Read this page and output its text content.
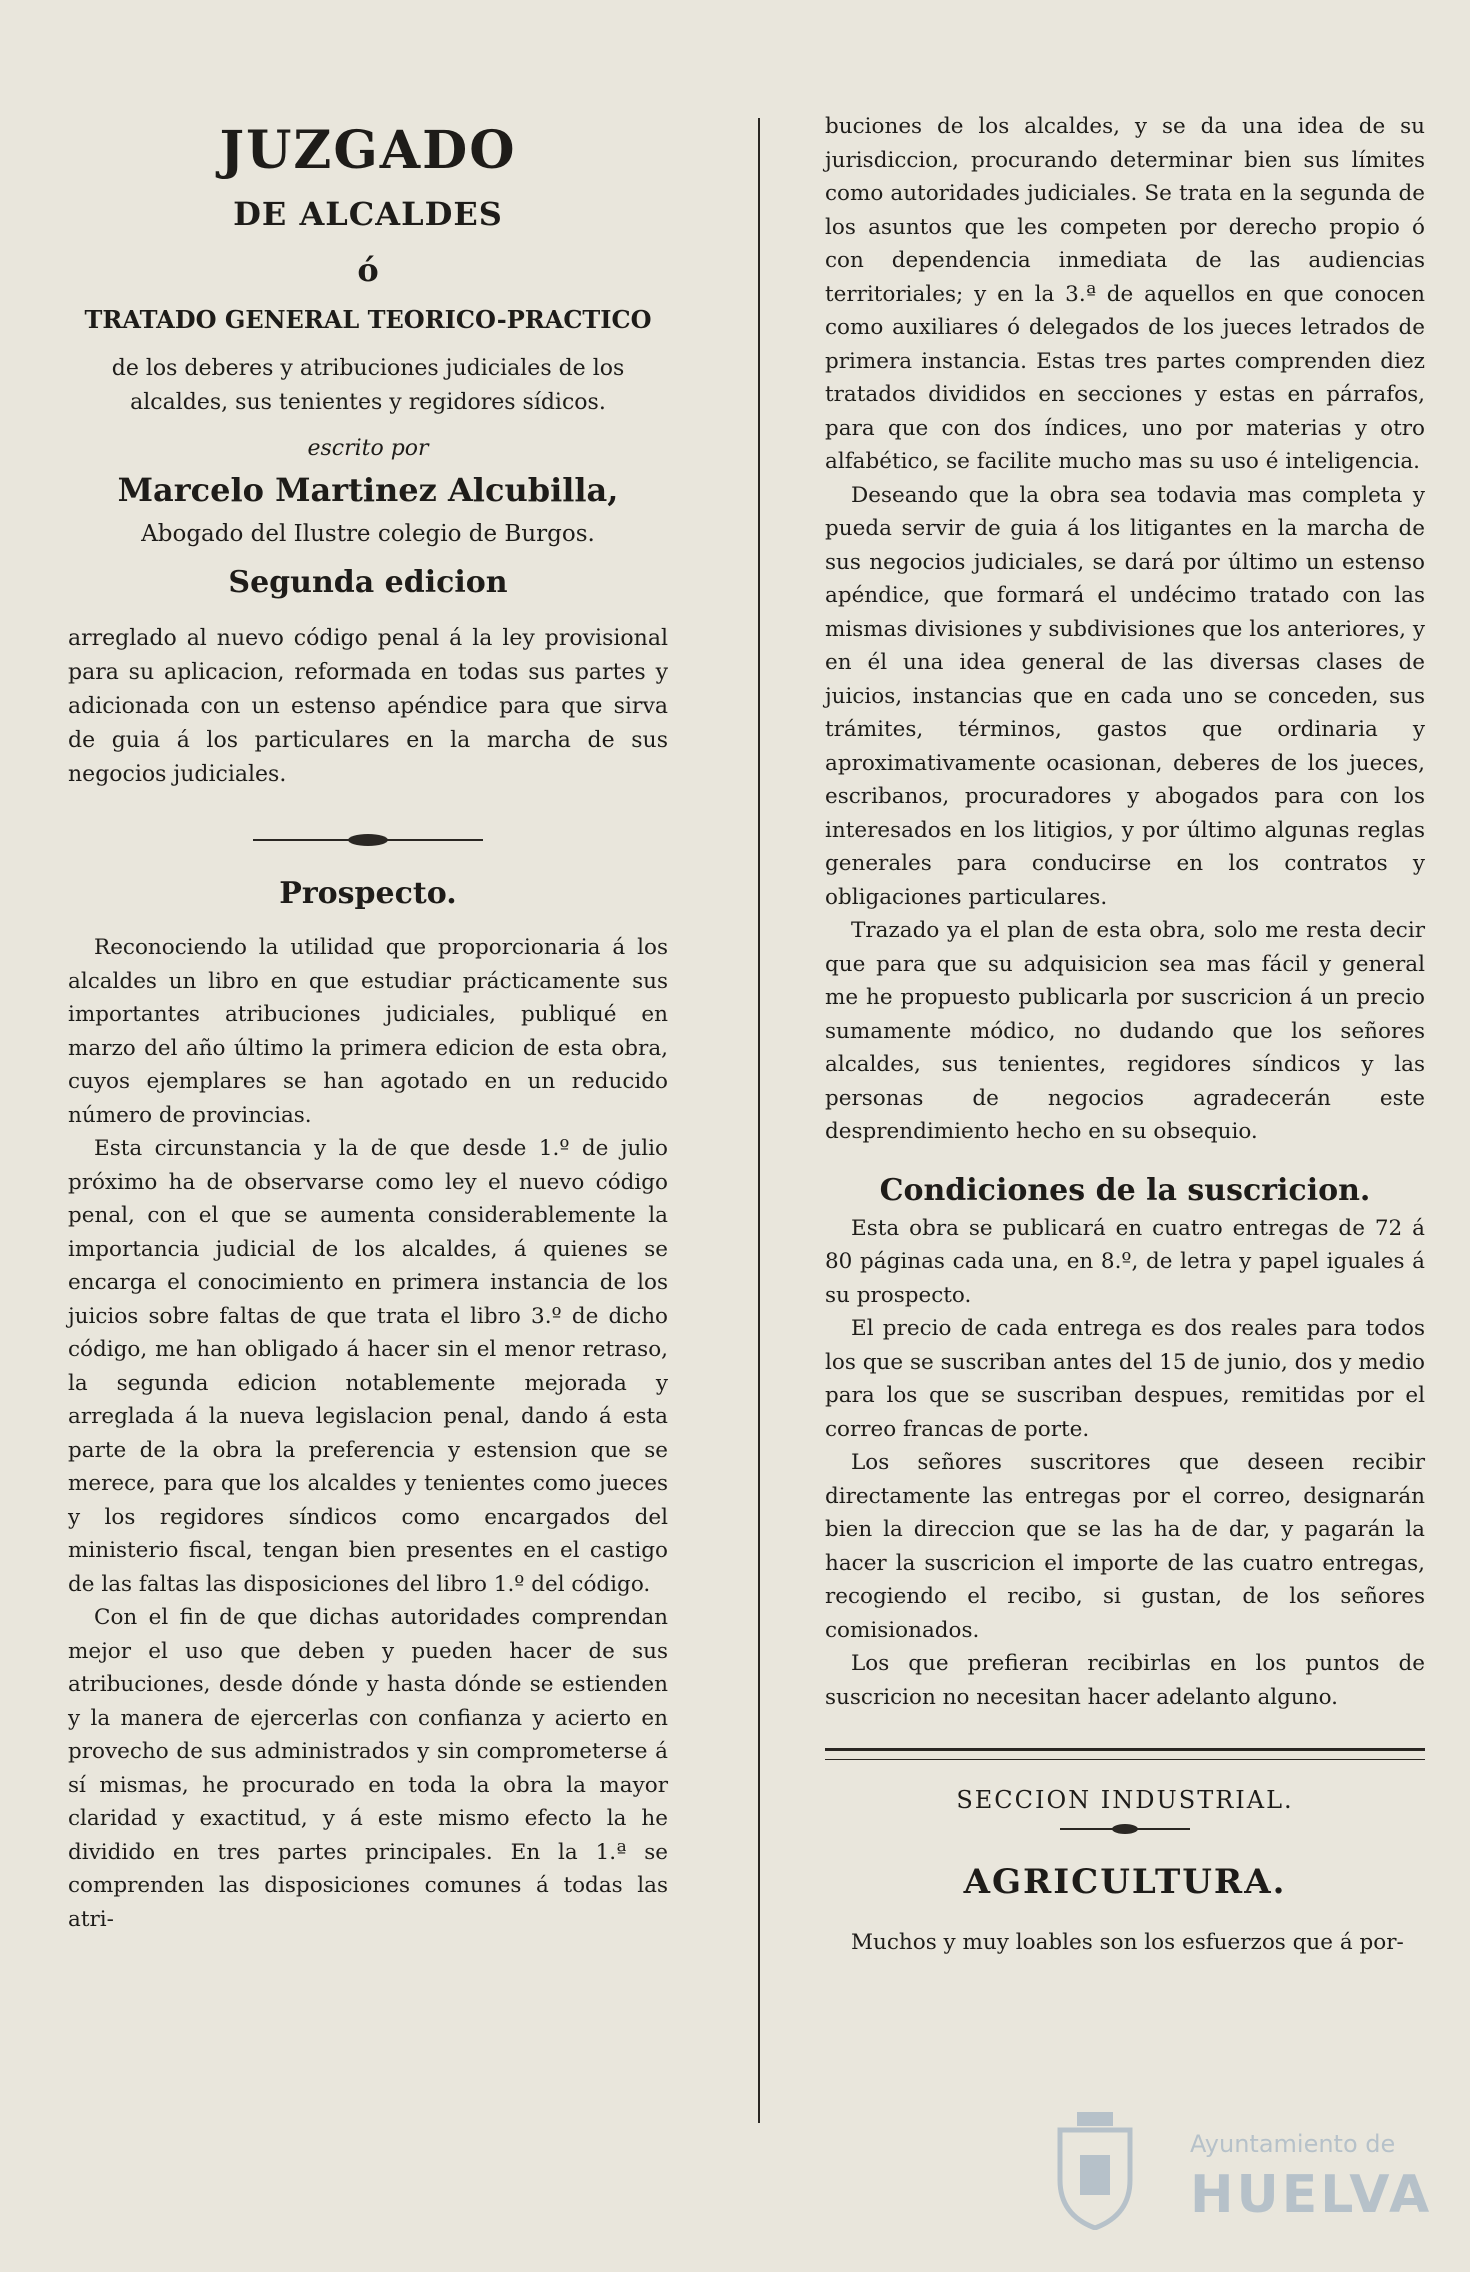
JUZGADO
DE ALCALDES
ó
TRATADO GENERAL TEORICO-PRACTICO

de los deberes y atribuciones judiciales de los alcaldes, sus tenientes y regidores sídicos.

escrito por
Marcelo Martinez Alcubilla,
Abogado del Ilustre colegio de Burgos.
Segunda edicion

arreglado al nuevo código penal á la ley provisional para su aplicacion, reformada en todas sus partes y adicionada con un estenso apéndice para que sirva de guia á los particulares en la marcha de sus negocios judiciales.

Prospecto.

Reconociendo la utilidad que proporcionaria á los alcaldes un libro en que estudiar prácticamente sus importantes atribuciones judiciales, publiqué en marzo del año último la primera edicion de esta obra, cuyos ejemplares se han agotado en un reducido número de provincias.

Esta circunstancia y la de que desde 1.º de julio próximo ha de observarse como ley el nuevo código penal, con el que se aumenta considerablemente la importancia judicial de los alcaldes, á quienes se encarga el conocimiento en primera instancia de los juicios sobre faltas de que trata el libro 3.º de dicho código, me han obligado á hacer sin el menor retraso, la segunda edicion notablemente mejorada y arreglada á la nueva legislacion penal, dando á esta parte de la obra la preferencia y estension que se merece, para que los alcaldes y tenientes como jueces y los regidores síndicos como encargados del ministerio fiscal, tengan bien presentes en el castigo de las faltas las disposiciones del libro 1.º del código.

Con el fin de que dichas autoridades comprendan mejor el uso que deben y pueden hacer de sus atribuciones, desde dónde y hasta dónde se estienden y la manera de ejercerlas con confianza y acierto en provecho de sus administrados y sin comprometerse á sí mismas, he procurado en toda la obra la mayor claridad y exactitud, y á este mismo efecto la he dividido en tres partes principales. En la 1.ª se comprenden las disposiciones comunes á todas las atri-

buciones de los alcaldes, y se da una idea de su jurisdiccion, procurando determinar bien sus límites como autoridades judiciales. Se trata en la segunda de los asuntos que les competen por derecho propio ó con dependencia inmediata de las audiencias territoriales; y en la 3.ª de aquellos en que conocen como auxiliares ó delegados de los jueces letrados de primera instancia. Estas tres partes comprenden diez tratados divididos en secciones y estas en párrafos, para que con dos índices, uno por materias y otro alfabético, se facilite mucho mas su uso é inteligencia.

Deseando que la obra sea todavia mas completa y pueda servir de guia á los litigantes en la marcha de sus negocios judiciales, se dará por último un estenso apéndice, que formará el undécimo tratado con las mismas divisiones y subdivisiones que los anteriores, y en él una idea general de las diversas clases de juicios, instancias que en cada uno se conceden, sus trámites, términos, gastos que ordinaria y aproximativamente ocasionan, deberes de los jueces, escribanos, procuradores y abogados para con los interesados en los litigios, y por último algunas reglas generales para conducirse en los contratos y obligaciones particulares.

Trazado ya el plan de esta obra, solo me resta decir que para que su adquisicion sea mas fácil y general me he propuesto publicarla por suscricion á un precio sumamente módico, no dudando que los señores alcaldes, sus tenientes, regidores síndicos y las personas de negocios agradecerán este desprendimiento hecho en su obsequio.

Condiciones de la suscricion.

Esta obra se publicará en cuatro entregas de 72 á 80 páginas cada una, en 8.º, de letra y papel iguales á su prospecto.

El precio de cada entrega es dos reales para todos los que se suscriban antes del 15 de junio, dos y medio para los que se suscriban despues, remitidas por el correo francas de porte.

Los señores suscritores que deseen recibir directamente las entregas por el correo, designarán bien la direccion que se las ha de dar, y pagarán la hacer la suscricion el importe de las cuatro entregas, recogiendo el recibo, si gustan, de los señores comisionados.

Los que prefieran recibirlas en los puntos de suscricion no necesitan hacer adelanto alguno.

SECCION INDUSTRIAL.
AGRICULTURA.

Muchos y muy loables son los esfuerzos que á por-

Ayuntamiento de
HUELVA
